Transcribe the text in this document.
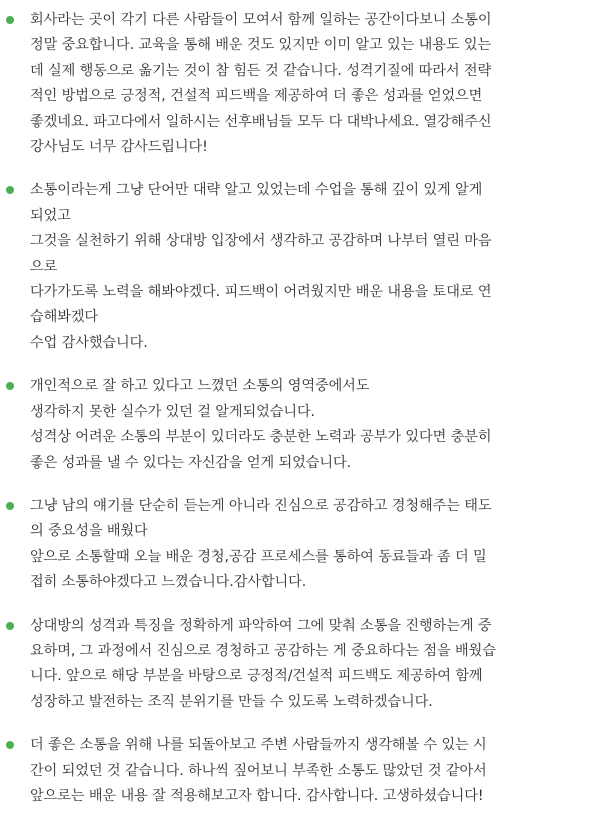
회사라는 곳이 각기 다른 사람들이 모여서 함께 일하는 공간이다보니 소통이
정말 중요합니다. 교육을 통해 배운 것도 있지만 이미 알고 있는 내용도 있는
데 실제 행동으로 옮기는 것이 참 힘든 것 같습니다. 성격기질에 따라서 전략
적인 방법으로 긍정적, 건설적 피드백을 제공하여 더 좋은 성과를 얻었으면
좋겠네요. 파고다에서 일하시는 선후배님들 모두 다 대박나세요. 열강해주신
강사님도 너무 감사드립니다!
소통이라는게 그냥 단어만 대략 알고 있었는데 수업을 통해 깊이 있게 알게
되었고
그것을 실천하기 위해 상대방 입장에서 생각하고 공감하며 나부터 열린 마음
으로
다가가도록 노력을 해봐야겠다. 피드백이 어려웠지만 배운 내용을 토대로 연
습해봐겠다
수업 감사했습니다.
개인적으로 잘 하고 있다고 느꼈던 소통의 영역중에서도
생각하지 못한 실수가 있던 걸 알게되었습니다.
성격상 어려운 소통의 부분이 있더라도 충분한 노력과 공부가 있다면 충분히
좋은 성과를 낼 수 있다는 자신감을 얻게 되었습니다.
그냥 남의 얘기를 단순히 듣는게 아니라 진심으로 공감하고 경청해주는 태도
의 중요성을 배웠다
앞으로 소통할때 오늘 배운 경청,공감 프로세스를 통하여 동료들과 좀 더 밀
접히 소통하야겠다고 느꼈습니다.감사합니다.
상대방의 성격과 특징을 정확하게 파악하여 그에 맞춰 소통을 진행하는게 중
요하며, 그 과정에서 진심으로 경청하고 공감하는 게 중요하다는 점을 배웠습
니다. 앞으로 해당 부분을 바탕으로 긍정적/건설적 피드백도 제공하여 함께
성장하고 발전하는 조직 분위기를 만들 수 있도록 노력하겠습니다.
더 좋은 소통을 위해 나를 되돌아보고 주변 사람들까지 생각해볼 수 있는 시
간이 되었던 것 같습니다. 하나씩 짚어보니 부족한 소통도 많았던 것 같아서
앞으로는 배운 내용 잘 적용해보고자 합니다. 감사합니다. 고생하셨습니다!
